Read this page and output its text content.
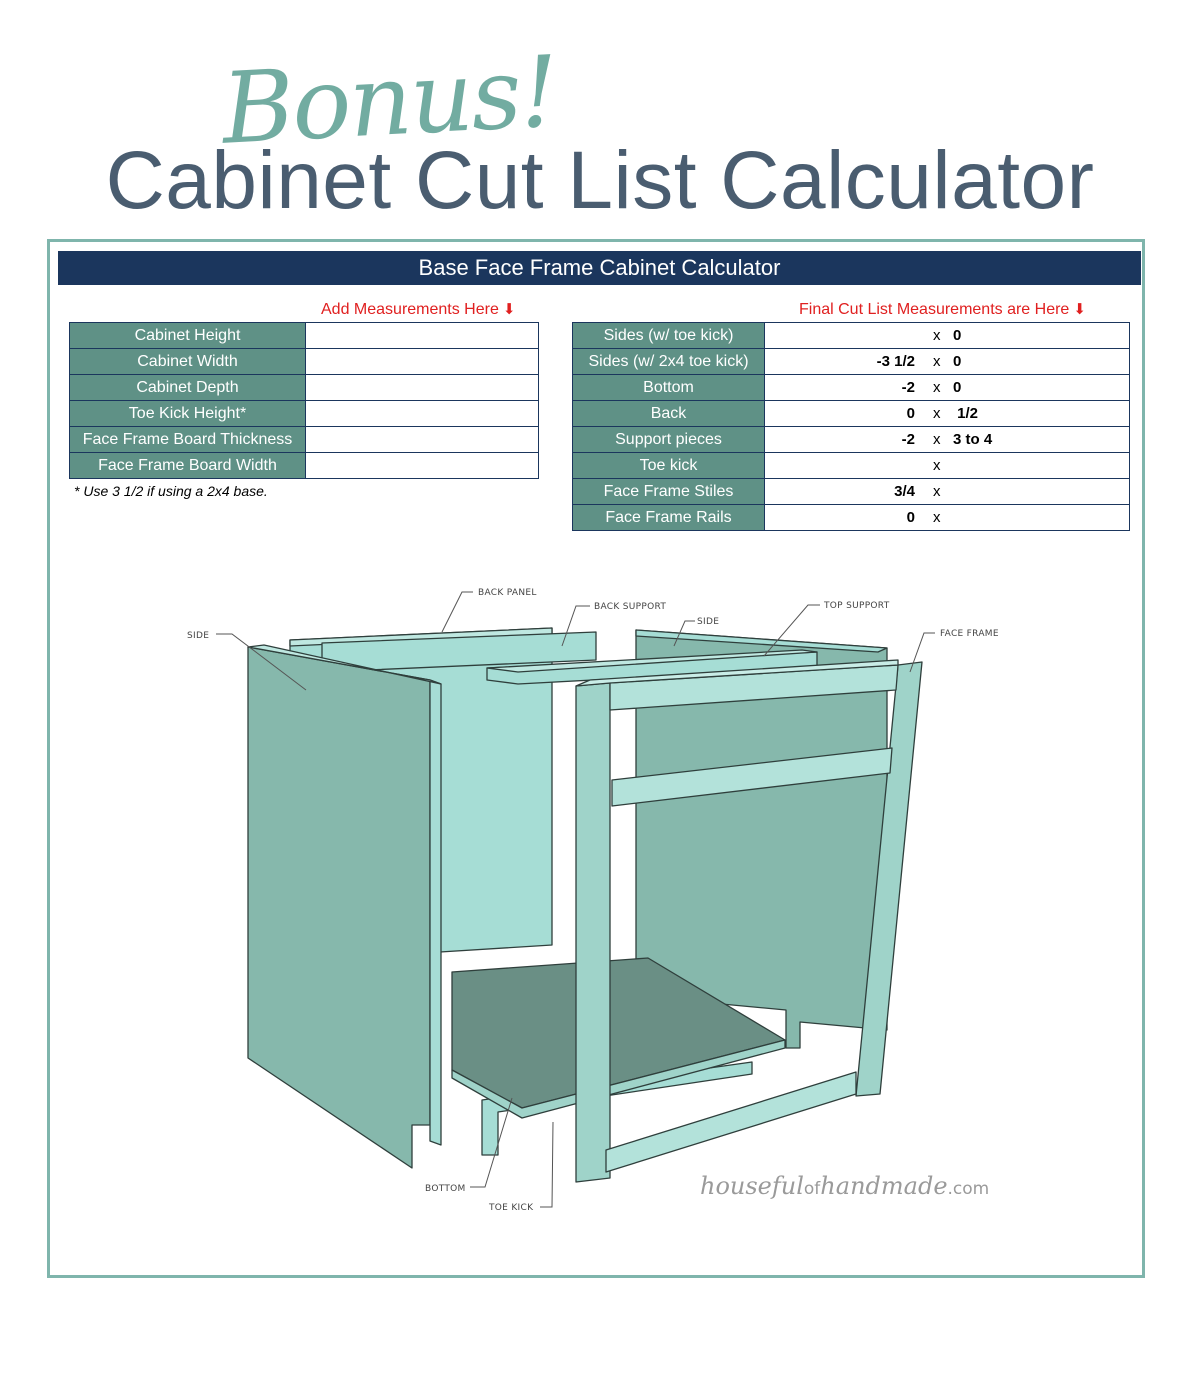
Bonus!
Cabinet Cut List Calculator
Base Face Frame Cabinet Calculator
Add Measurements Here ⬇	Final Cut List Measurements are Here ⬇
Cabinet Height	
Cabinet Width	
Cabinet Depth	
Toe Kick Height*	
Face Frame Board Thickness	
Face Frame Board Width	
* Use 3 1/2 if using a 2x4 base.
Sides (w/ toe kick)	x 0

Sides (w/ 2x4 toe kick)	-3 1/2 x 0

Bottom	-2 x 0

Back	0 x 1/2

Support pieces	-2 x 3 to 4

Toe kick	x

Face Frame Stiles	3/4 x

Face Frame Rails	0 x
SIDE
BACK PANEL
BACK SUPPORT
SIDE
TOP SUPPORT
FACE FRAME
BOTTOM
TOE KICK
housefulofhandmade.com
